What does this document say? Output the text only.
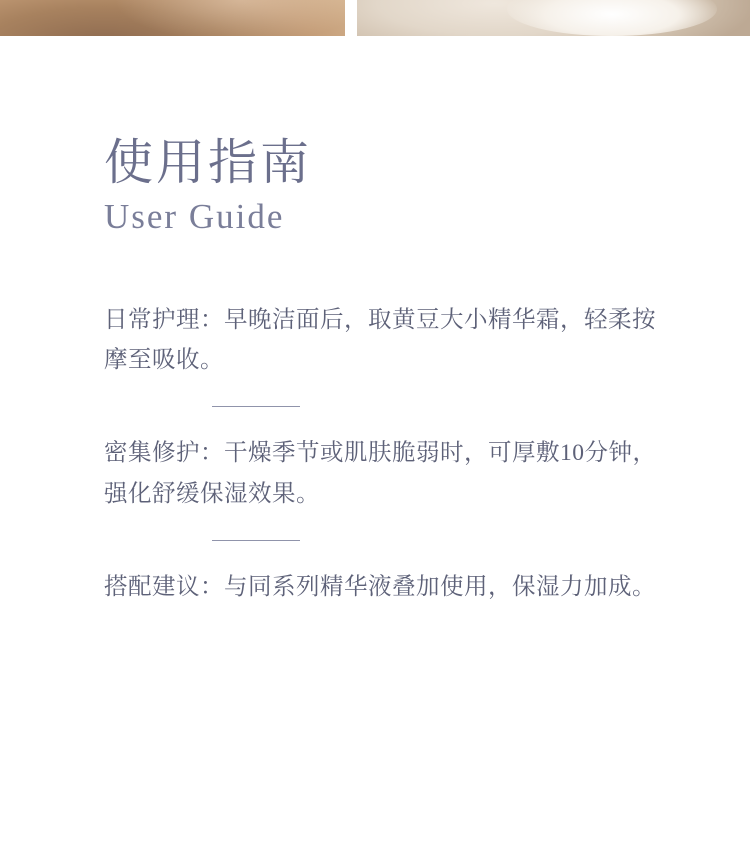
使用指南
User Guide

日常护理：早晚洁面后，取黄豆大小精华霜，轻柔按摩至吸收。

密集修护：干燥季节或肌肤脆弱时，可厚敷10分钟，强化舒缓保湿效果。

搭配建议：与同系列精华液叠加使用，保湿力加成。
